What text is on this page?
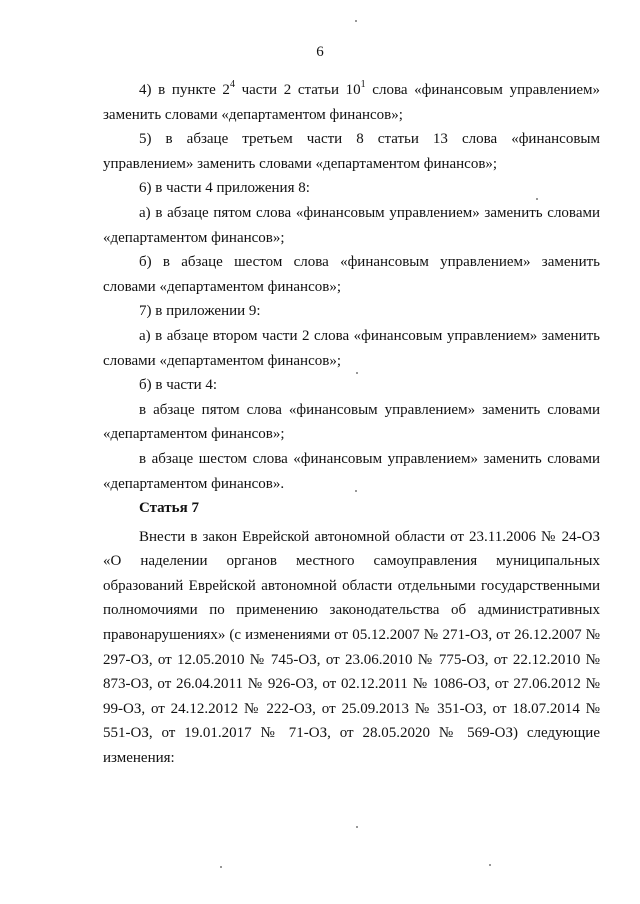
6

4) в пункте $2^4$ части 2 статьи $10^1$ слова «финансовым управлением» заменить словами «департаментом финансов»;

5) в абзаце третьем части 8 статьи 13 слова «финансовым управлением» заменить словами «департаментом финансов»;

6) в части 4 приложения 8:

а) в абзаце пятом слова «финансовым управлением» заменить словами «департаментом финансов»;

б) в абзаце шестом слова «финансовым управлением» заменить словами «департаментом финансов»;

7) в приложении 9:

а) в абзаце втором части 2 слова «финансовым управлением» заменить словами «департаментом финансов»;

б) в части 4:

в абзаце пятом слова «финансовым управлением» заменить словами «департаментом финансов»;

в абзаце шестом слова «финансовым управлением» заменить словами «департаментом финансов».

Статья 7

Внести в закон Еврейской автономной области от 23.11.2006 № 24-ОЗ

«О наделении органов местного самоуправления муниципальных образований Еврейской автономной области отдельными государственными полномочиями по применению законодательства об административных правонарушениях» (с изменениями от 05.12.2007 № 271-ОЗ, от 26.12.2007 № 297-ОЗ, от 12.05.2010 № 745-ОЗ, от 23.06.2010 № 775-ОЗ, от 22.12.2010 № 873-ОЗ, от 26.04.2011 № 926-ОЗ, от 02.12.2011 № 1086-ОЗ, от 27.06.2012 № 99-ОЗ, от 24.12.2012 № 222-ОЗ, от 25.09.2013 № 351-ОЗ, от 18.07.2014 № 551-ОЗ, от 19.01.2017 № 71-ОЗ, от 28.05.2020 № 569-ОЗ) следующие изменения:
